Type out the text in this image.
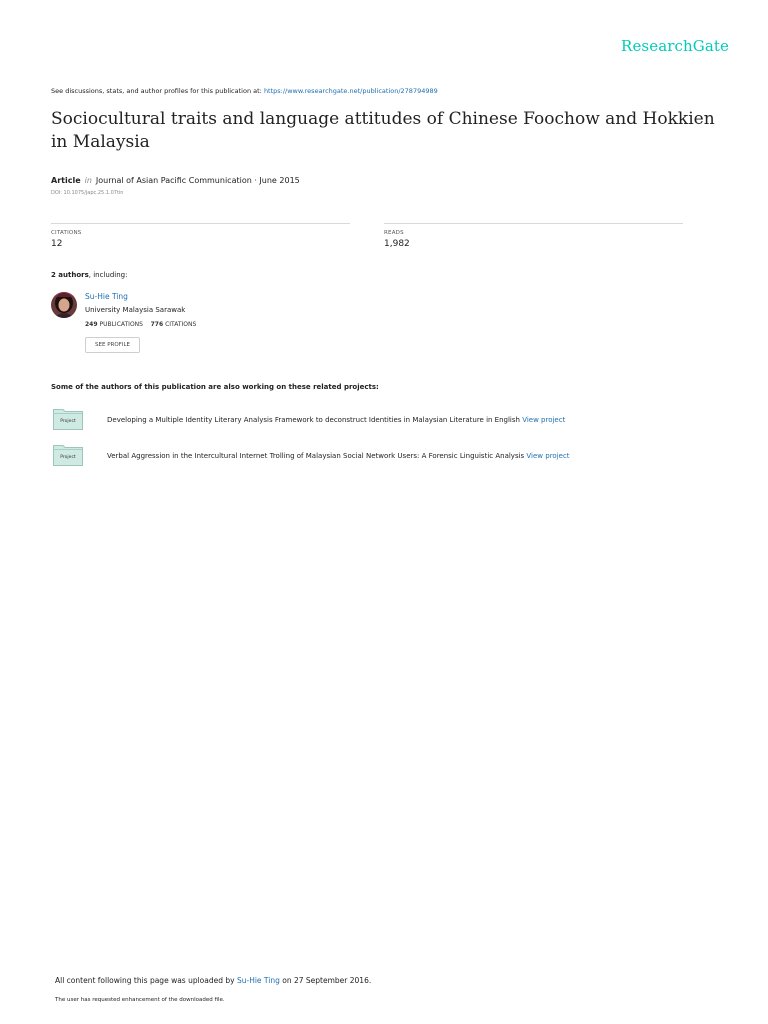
ResearchGate
See discussions, stats, and author profiles for this publication at: https://www.researchgate.net/publication/278794989
Sociocultural traits and language attitudes of Chinese Foochow and Hokkien in Malaysia
Article in Journal of Asian Pacific Communication · June 2015
DOI: 10.1075/japc.25.1.07tin
CITATIONS
12
READS
1,982
2 authors, including:
Su-Hie Ting
University Malaysia Sarawak
249 PUBLICATIONS 776 CITATIONS
SEE PROFILE
Some of the authors of this publication are also working on these related projects:
Project	Developing a Multiple Identity Literary Analysis Framework to deconstruct Identities in Malaysian Literature in English View project
Project	Verbal Aggression in the Intercultural Internet Trolling of Malaysian Social Network Users: A Forensic Linguistic Analysis View project
All content following this page was uploaded by Su-Hie Ting on 27 September 2016.
The user has requested enhancement of the downloaded file.
